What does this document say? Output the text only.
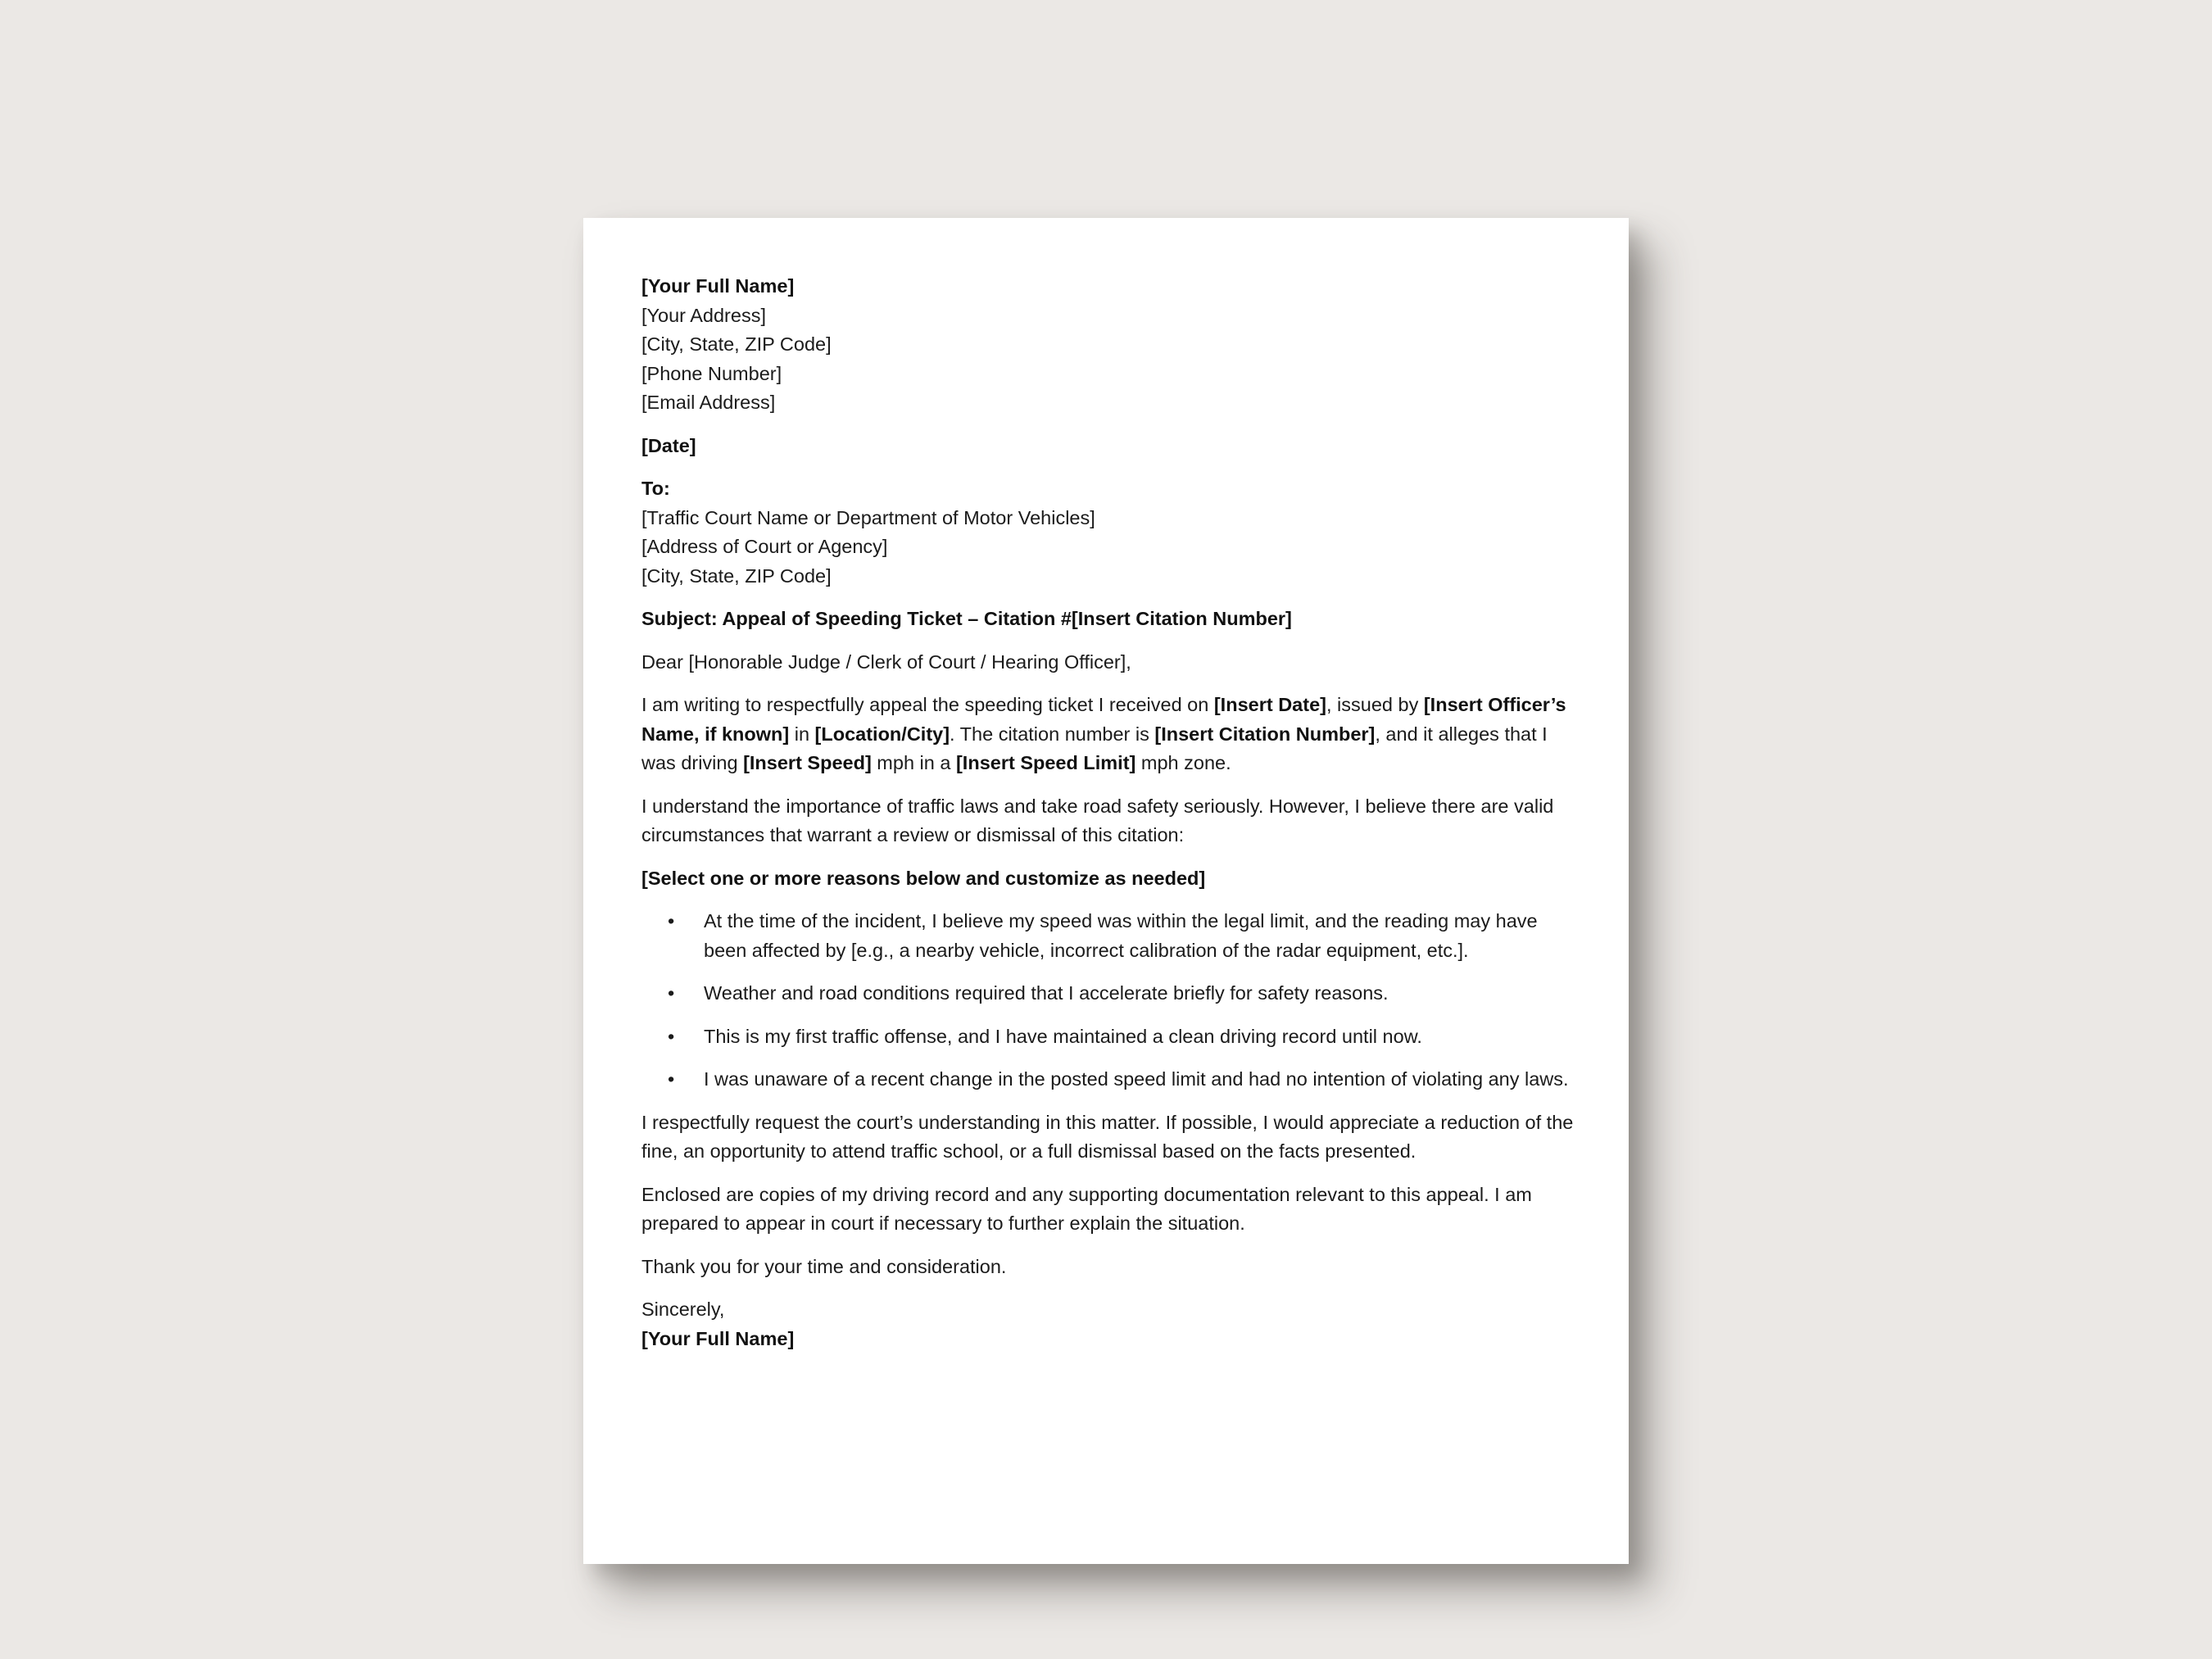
[Your Full Name]
[Your Address]
[City, State, ZIP Code]
[Phone Number]
[Email Address]
[Date]
To:
[Traffic Court Name or Department of Motor Vehicles]
[Address of Court or Agency]
[City, State, ZIP Code]

Subject: Appeal of Speeding Ticket – Citation #[Insert Citation Number]

Dear [Honorable Judge / Clerk of Court / Hearing Officer],

I am writing to respectfully appeal the speeding ticket I received on [Insert Date], issued by [Insert Officer’s Name, if known] in [Location/City]. The citation number is [Insert Citation Number], and it alleges that I was driving [Insert Speed] mph in a [Insert Speed Limit] mph zone.

I understand the importance of traffic laws and take road safety seriously. However, I believe there are valid circumstances that warrant a review or dismissal of this citation:

[Select one or more reasons below and customize as needed]

• At the time of the incident, I believe my speed was within the legal limit, and the reading may have been affected by [e.g., a nearby vehicle, incorrect calibration of the radar equipment, etc.].
• Weather and road conditions required that I accelerate briefly for safety reasons.
• This is my first traffic offense, and I have maintained a clean driving record until now.
• I was unaware of a recent change in the posted speed limit and had no intention of violating any laws.

I respectfully request the court’s understanding in this matter. If possible, I would appreciate a reduction of the fine, an opportunity to attend traffic school, or a full dismissal based on the facts presented.

Enclosed are copies of my driving record and any supporting documentation relevant to this appeal. I am prepared to appear in court if necessary to further explain the situation.

Thank you for your time and consideration.

Sincerely,
[Your Full Name]
